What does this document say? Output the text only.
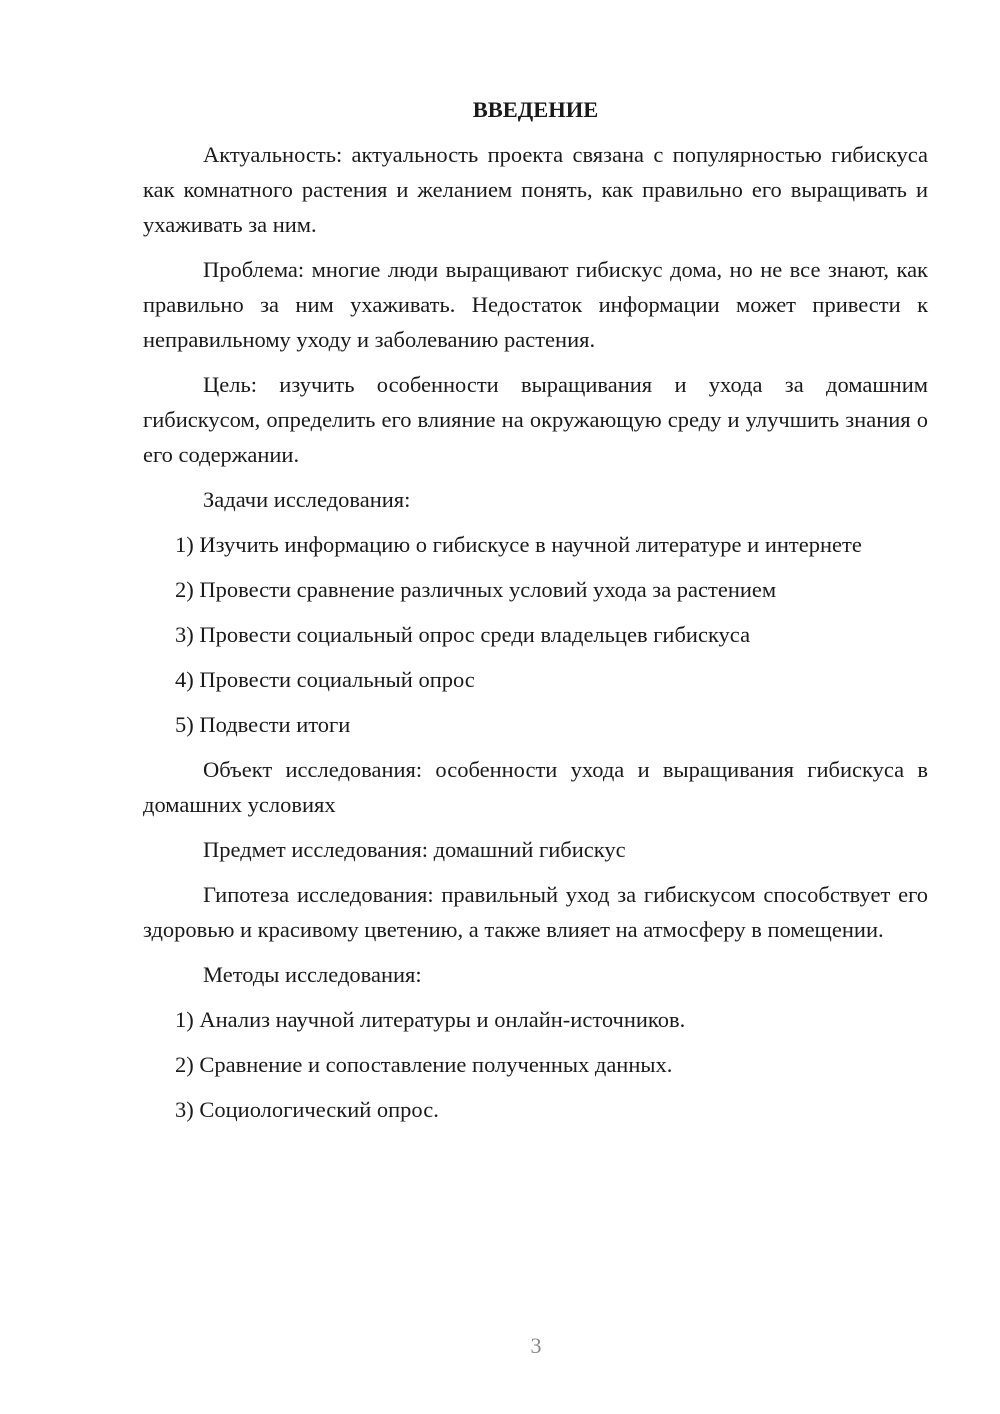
ВВЕДЕНИЕ

Актуальность: актуальность проекта связана с популярностью гибискуса как комнатного растения и желанием понять, как правильно его выращивать и ухаживать за ним.

Проблема: многие люди выращивают гибискус дома, но не все знают, как правильно за ним ухаживать. Недостаток информации может привести к неправильному уходу и заболеванию растения.

Цель: изучить особенности выращивания и ухода за домашним гибискусом, определить его влияние на окружающую среду и улучшить знания о его содержании.

Задачи исследования:

1) Изучить информацию о гибискусе в научной литературе и интернете

2) Провести сравнение различных условий ухода за растением

3) Провести социальный опрос среди владельцев гибискуса

4) Провести социальный опрос

5) Подвести итоги

Объект исследования: особенности ухода и выращивания гибискуса в домашних условиях

Предмет исследования: домашний гибискус

Гипотеза исследования: правильный уход за гибискусом способствует его здоровью и красивому цветению, а также влияет на атмосферу в помещении.

Методы исследования:

1) Анализ научной литературы и онлайн-источников.

2) Сравнение и сопоставление полученных данных.

3) Социологический опрос.

3
